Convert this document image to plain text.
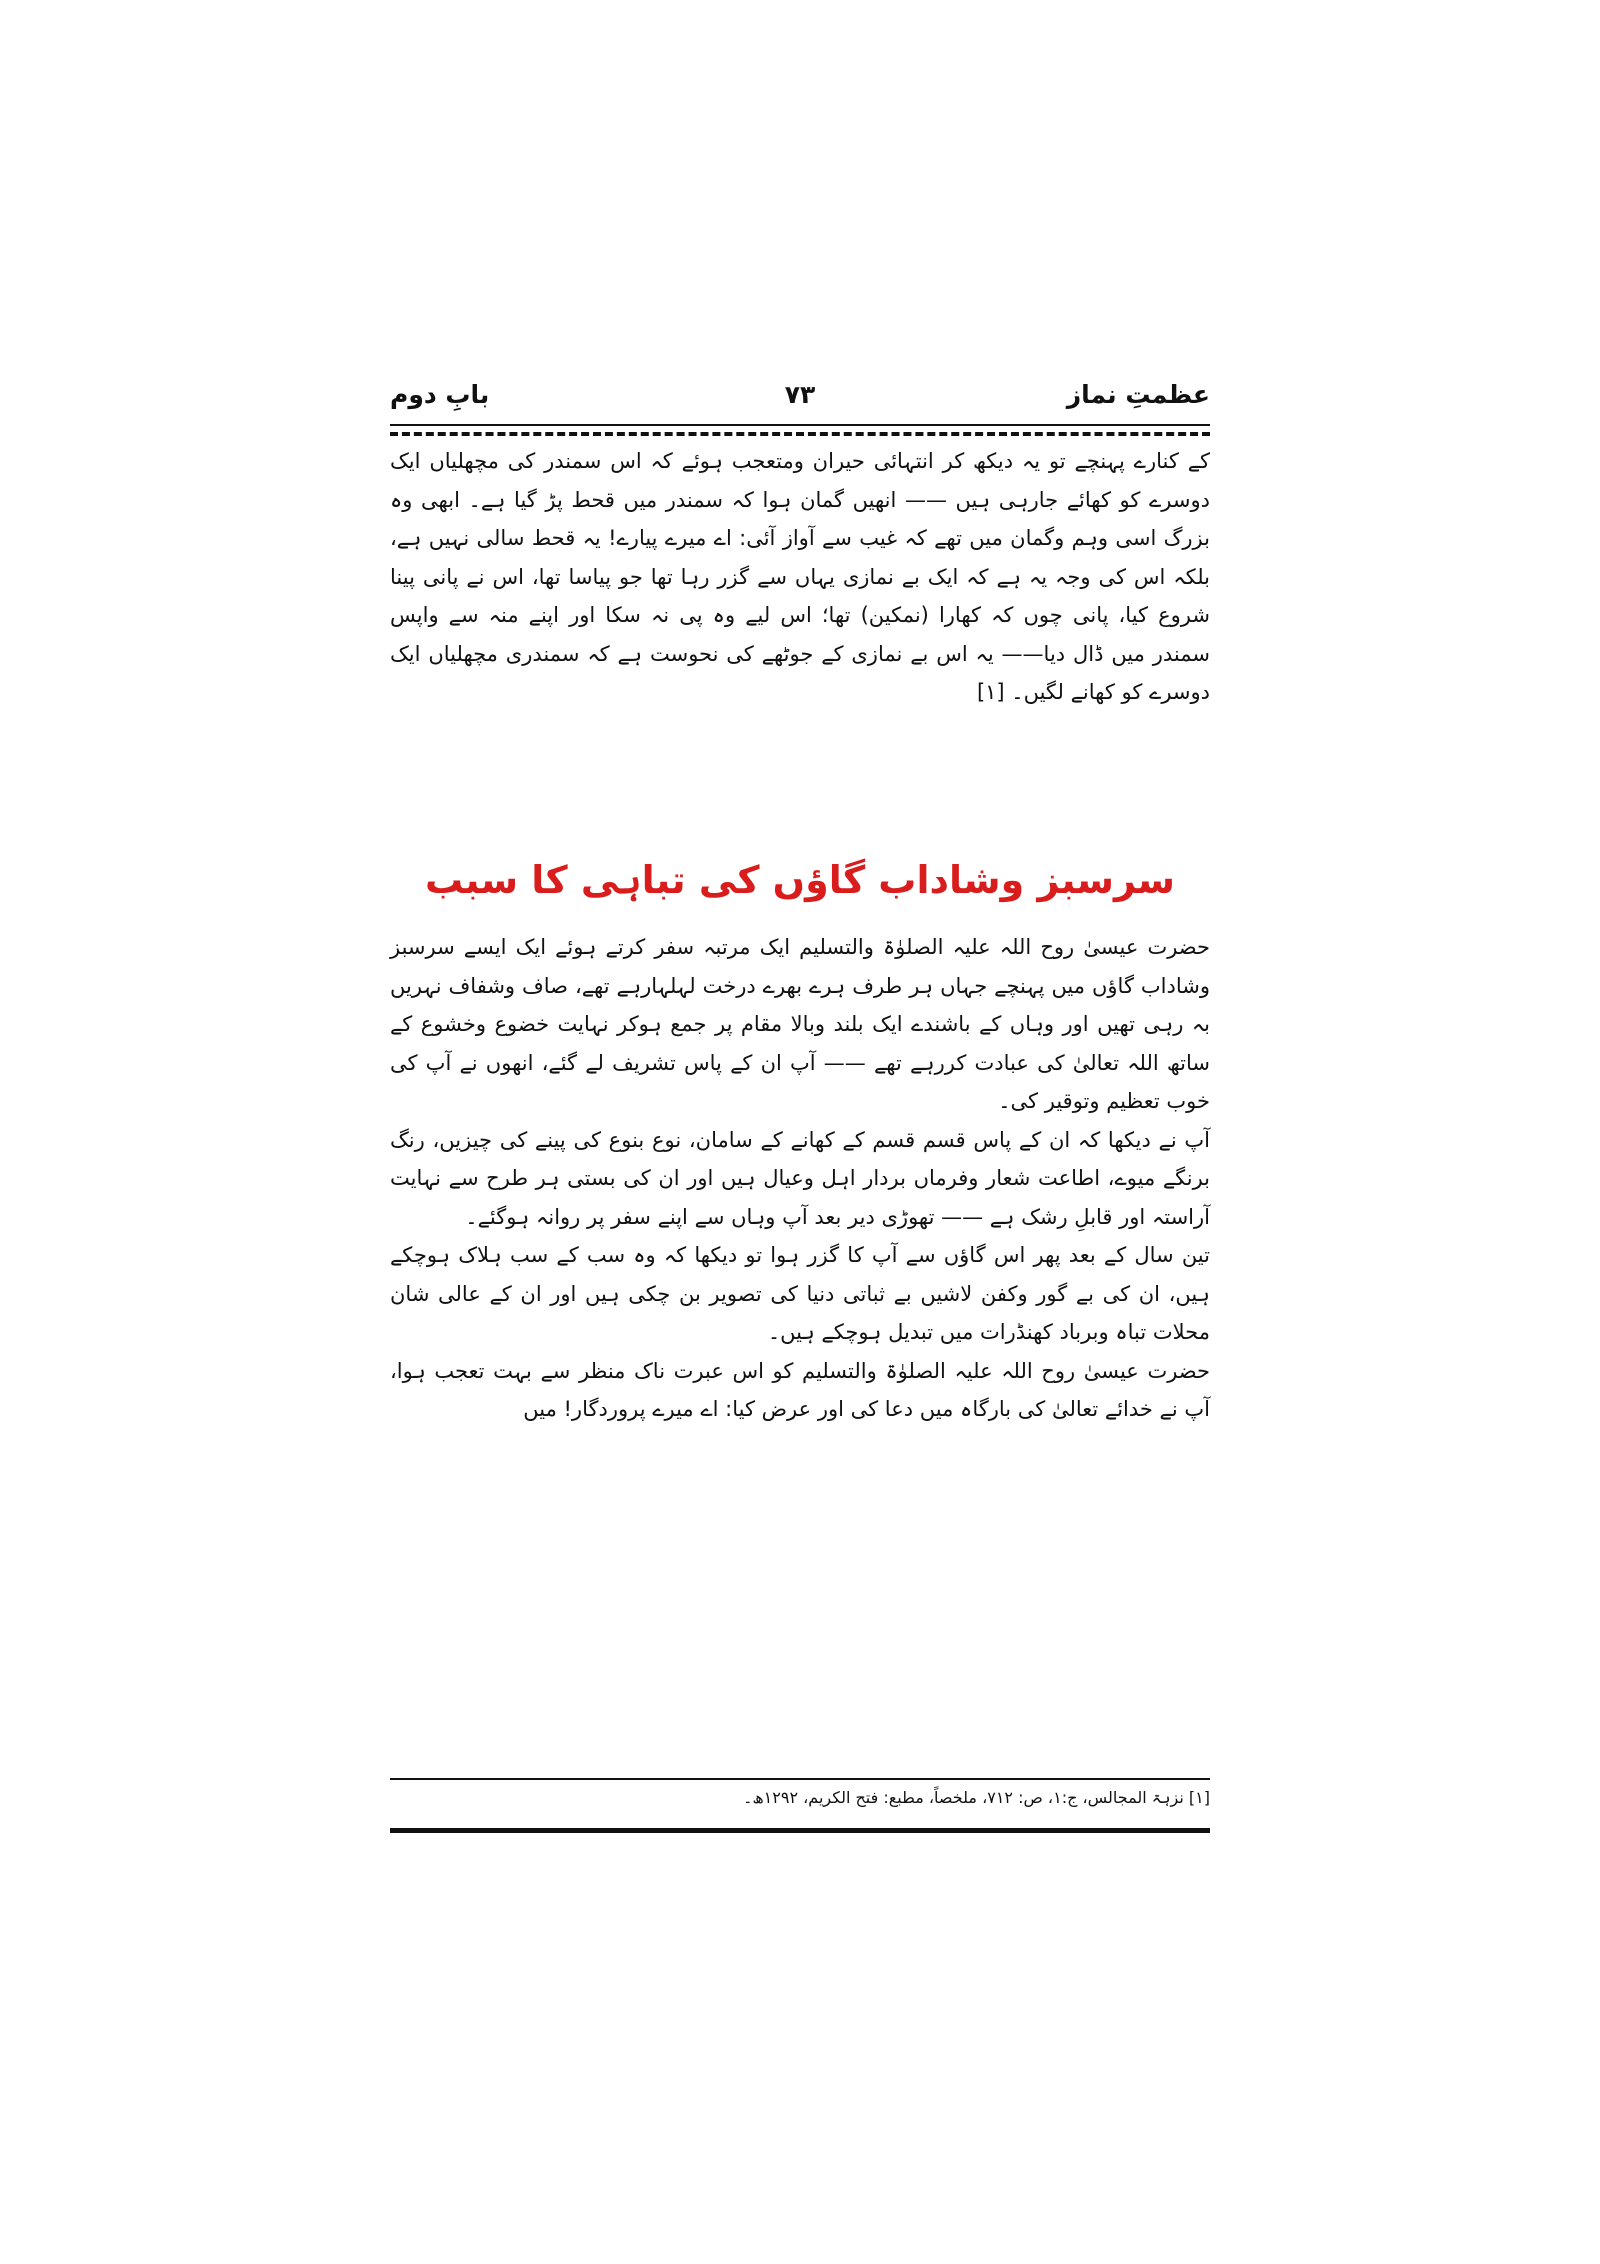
عظمتِ نماز
۷۳
بابِ دوم

کے کنارے پہنچے تو یہ دیکھ کر انتہائی حیران ومتعجب ہوئے کہ اس سمندر کی مچھلیاں ایک دوسرے کو کھائے جارہی ہیں —— انھیں گمان ہوا کہ سمندر میں قحط پڑ گیا ہے۔ ابھی وہ بزرگ اسی وہم وگمان میں تھے کہ غیب سے آواز آئی: اے میرے پیارے! یہ قحط سالی نہیں ہے، بلکہ اس کی وجہ یہ ہے کہ ایک بے نمازی یہاں سے گزر رہا تھا جو پیاسا تھا، اس نے پانی پینا شروع کیا، پانی چوں کہ کھارا (نمکین) تھا؛ اس لیے وہ پی نہ سکا اور اپنے منہ سے واپس سمندر میں ڈال دیا—— یہ اس بے نمازی کے جوٹھے کی نحوست ہے کہ سمندری مچھلیاں ایک دوسرے کو کھانے لگیں۔ [۱]

سرسبز وشاداب گاؤں کی تباہی کا سبب

حضرت عیسیٰ روح اللہ علیہ الصلوٰۃ والتسلیم ایک مرتبہ سفر کرتے ہوئے ایک ایسے سرسبز وشاداب گاؤں میں پہنچے جہاں ہر طرف ہرے بھرے درخت لہلہارہے تھے، صاف وشفاف نہریں بہ رہی تھیں اور وہاں کے باشندے ایک بلند وبالا مقام پر جمع ہوکر نہایت خضوع وخشوع کے ساتھ اللہ تعالیٰ کی عبادت کررہے تھے —— آپ ان کے پاس تشریف لے گئے، انھوں نے آپ کی خوب تعظیم وتوقیر کی۔

آپ نے دیکھا کہ ان کے پاس قسم قسم کے کھانے کے سامان، نوع بنوع کی پینے کی چیزیں، رنگ برنگے میوے، اطاعت شعار وفرماں بردار اہل وعیال ہیں اور ان کی بستی ہر طرح سے نہایت آراستہ اور قابلِ رشک ہے —— تھوڑی دیر بعد آپ وہاں سے اپنے سفر پر روانہ ہوگئے۔

تین سال کے بعد پھر اس گاؤں سے آپ کا گزر ہوا تو دیکھا کہ وہ سب کے سب ہلاک ہوچکے ہیں، ان کی بے گور وکفن لاشیں بے ثباتی دنیا کی تصویر بن چکی ہیں اور ان کے عالی شان محلات تباہ وبرباد کھنڈرات میں تبدیل ہوچکے ہیں۔

حضرت عیسیٰ روح اللہ علیہ الصلوٰۃ والتسلیم کو اس عبرت ناک منظر سے بہت تعجب ہوا، آپ نے خدائے تعالیٰ کی بارگاہ میں دعا کی اور عرض کیا: اے میرے پروردگار! میں

[۱] نزہۃ المجالس، ج:۱، ص: ۷۱۲، ملخصاً، مطبع: فتح الکریم، ۱۲۹۲ھ۔
